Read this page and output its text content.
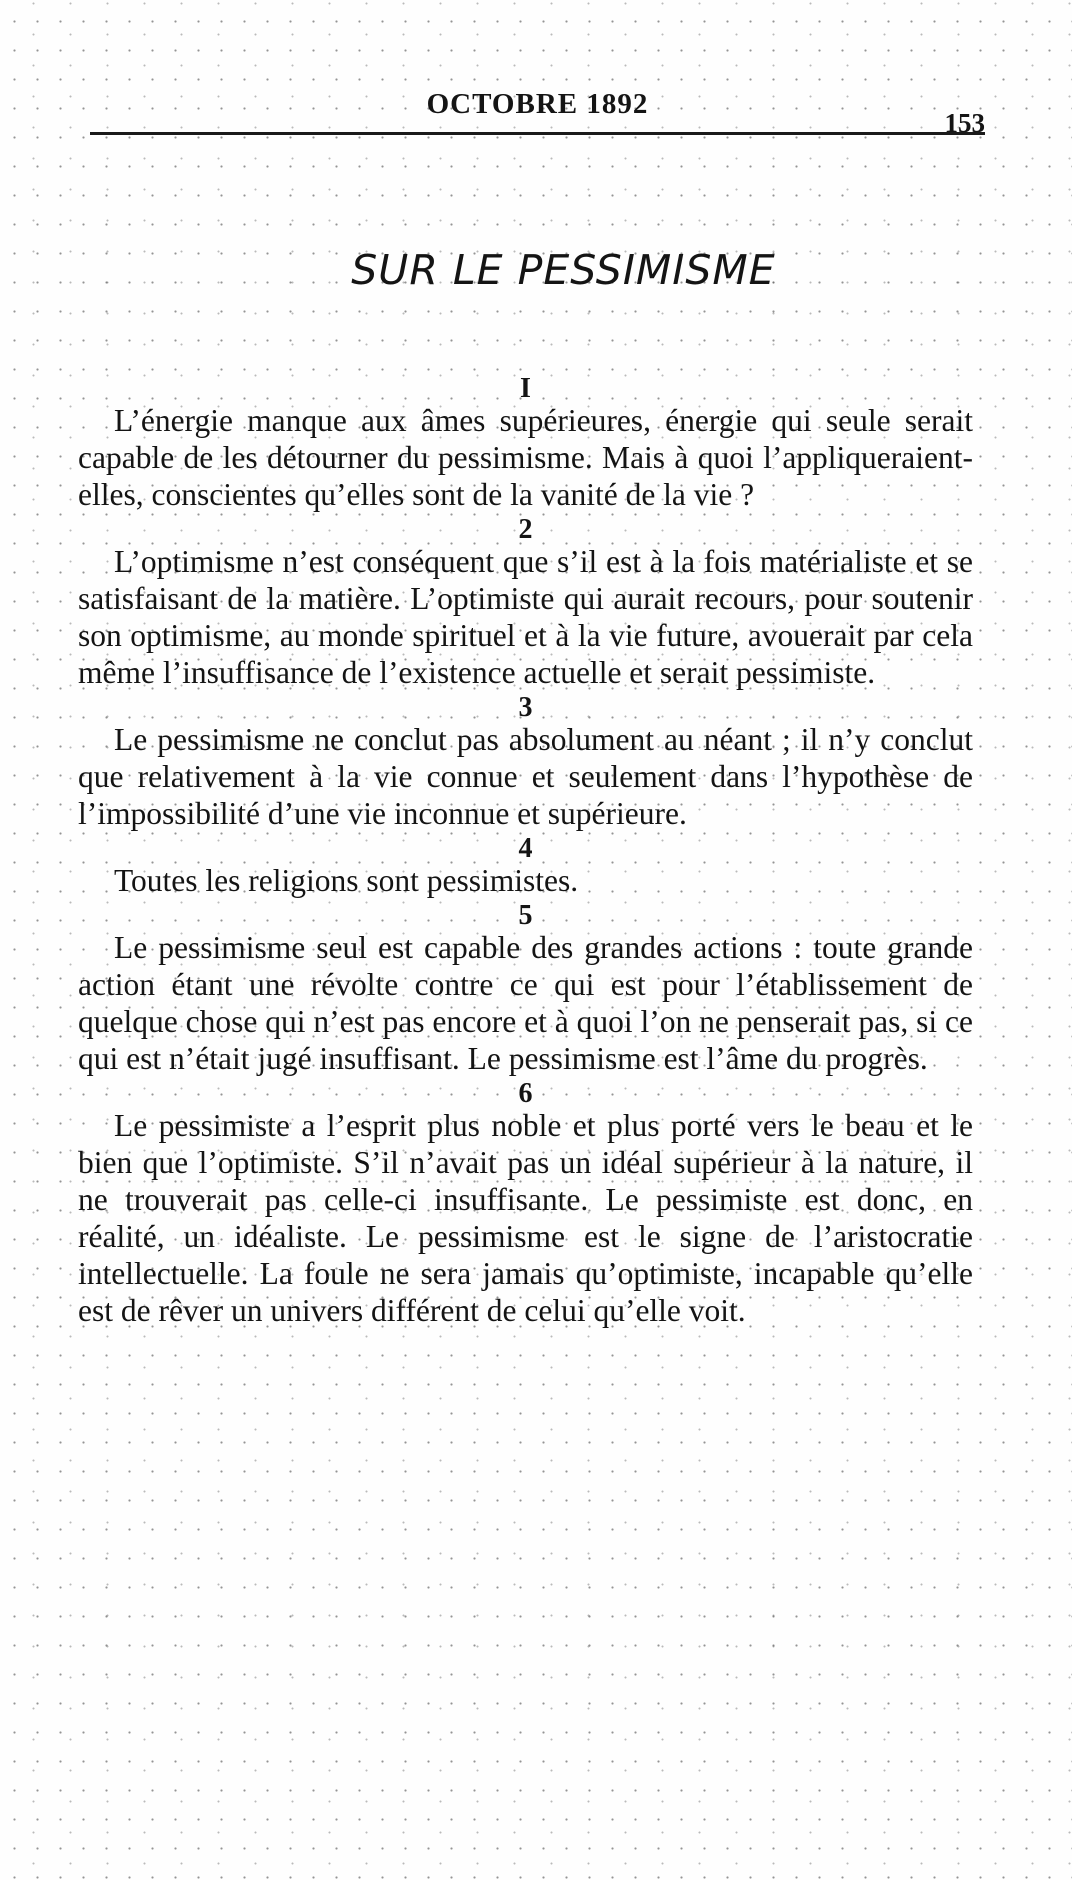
OCTOBRE 1892
153
SUR LE PESSIMISME
I

L’énergie manque aux âmes supérieures, énergie qui seule serait capable de les détourner du pessimisme. Mais à quoi l’appliqueraient-elles, conscientes qu’elles sont de la vanité de la vie ?

2

L’optimisme n’est conséquent que s’il est à la fois matérialiste et se satisfaisant de la matière. L’optimiste qui aurait recours, pour soutenir son optimisme, au monde spirituel et à la vie future, avouerait par cela même l’insuffisance de l’existence actuelle et serait pessimiste.

3

Le pessimisme ne conclut pas absolument au néant ; il n’y conclut que relativement à la vie connue et seulement dans l’hypothèse de l’impossibilité d’une vie inconnue et supérieure.

4

Toutes les religions sont pessimistes.

5

Le pessimisme seul est capable des grandes actions : toute grande action étant une révolte contre ce qui est pour l’établissement de quelque chose qui n’est pas encore et à quoi l’on ne penserait pas, si ce qui est n’était jugé insuffisant. Le pessimisme est l’âme du progrès.

6

Le pessimiste a l’esprit plus noble et plus porté vers le beau et le bien que l’optimiste. S’il n’avait pas un idéal supérieur à la nature, il ne trouverait pas celle-ci insuffisante. Le pessimiste est donc, en réalité, un idéaliste. Le pessimisme est le signe de l’aristocratie intellectuelle. La foule ne sera jamais qu’optimiste, incapable qu’elle est de rêver un univers différent de celui qu’elle voit.
